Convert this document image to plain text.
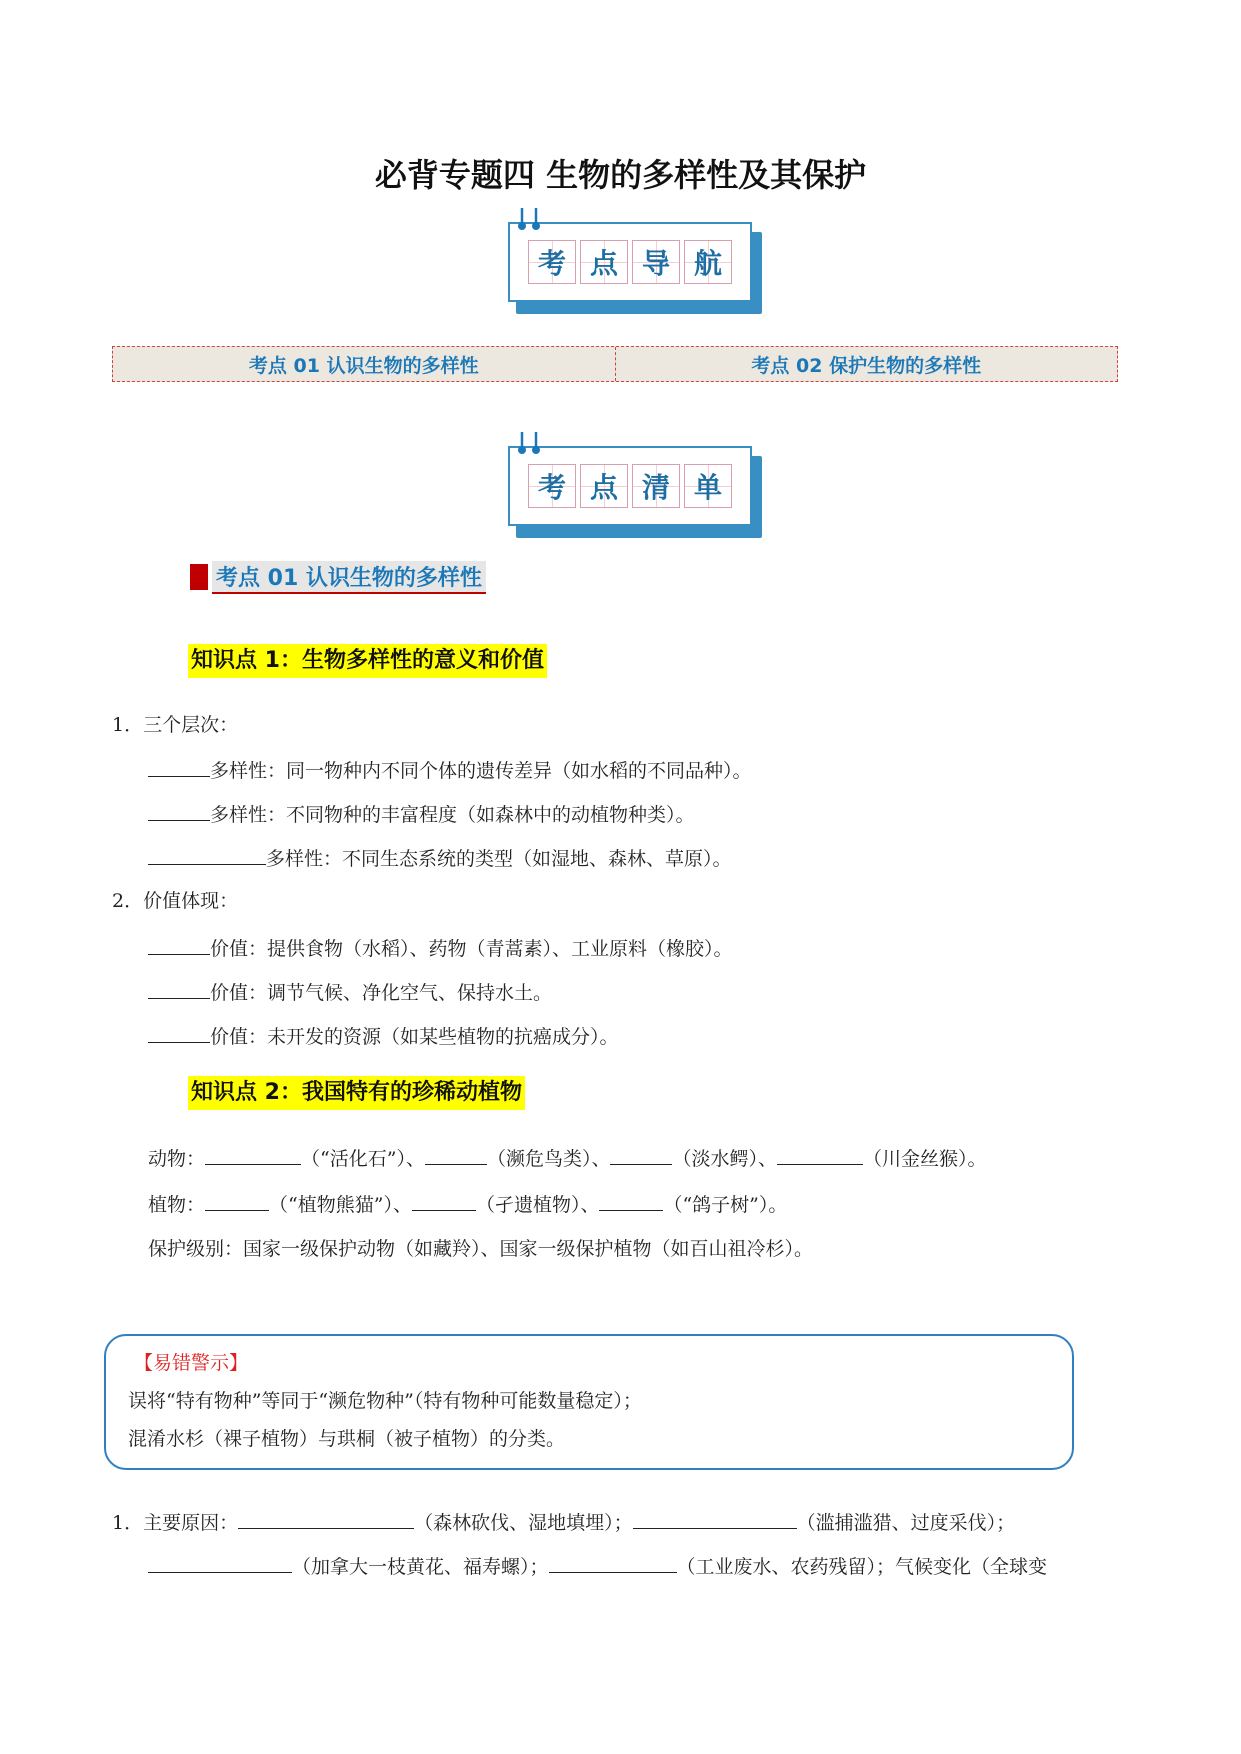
必背专题四 生物的多样性及其保护
考 点 导 航
考点 01 认识生物的多样性	考点 02 保护生物的多样性
考 点 清 单
考点 01 认识生物的多样性
知识点 1：生物多样性的意义和价值
1．三个层次：
多样性：同一物种内不同个体的遗传差异（如水稻的不同品种）。
多样性：不同物种的丰富程度（如森林中的动植物种类）。
多样性：不同生态系统的类型（如湿地、森林、草原）。
2．价值体现：
价值：提供食物（水稻）、药物（青蒿素）、工业原料（橡胶）。
价值：调节气候、净化空气、保持水土。
价值：未开发的资源（如某些植物的抗癌成分）。
知识点 2：我国特有的珍稀动植物
动物：	（“活化石”）、	（濒危鸟类）、	（淡水鳄）、	（川金丝猴）。
植物：	（“植物熊猫”）、	（孑遗植物）、	（“鸽子树”）。
保护级别：国家一级保护动物（如藏羚）、国家一级保护植物（如百山祖冷杉）。
【易错警示】
误将“特有物种”等同于“濒危物种”（特有物种可能数量稳定）；
混淆水杉（裸子植物）与珙桐（被子植物）的分类。
1．主要原因：	（森林砍伐、湿地填埋）；	（滥捕滥猎、过度采伐）；
（加拿大一枝黄花、福寿螺）；	（工业废水、农药残留）；气候变化（全球变
